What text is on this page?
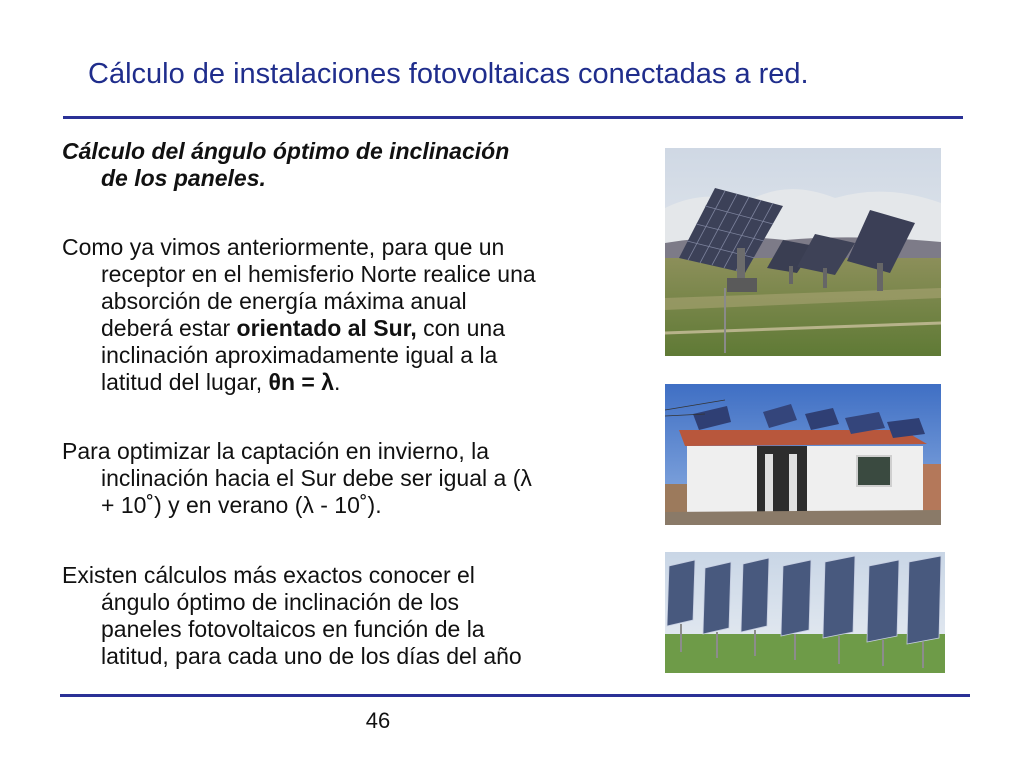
Cálculo de instalaciones fotovoltaicas conectadas a red.
Cálculo del ángulo óptimo de inclinación
de los paneles.
Como ya vimos anteriormente, para que un
receptor en el hemisferio Norte realice una
absorción de energía máxima anual
deberá estar orientado al Sur, con una
inclinación aproximadamente igual a la
latitud del lugar, θn = λ.
Para optimizar la captación en invierno, la
inclinación hacia el Sur debe ser igual a (λ
+ 10˚) y en verano (λ - 10˚).
Existen cálculos más exactos conocer el
ángulo óptimo de inclinación de los
paneles fotovoltaicos en función de la
latitud, para cada uno de los días del año
46
